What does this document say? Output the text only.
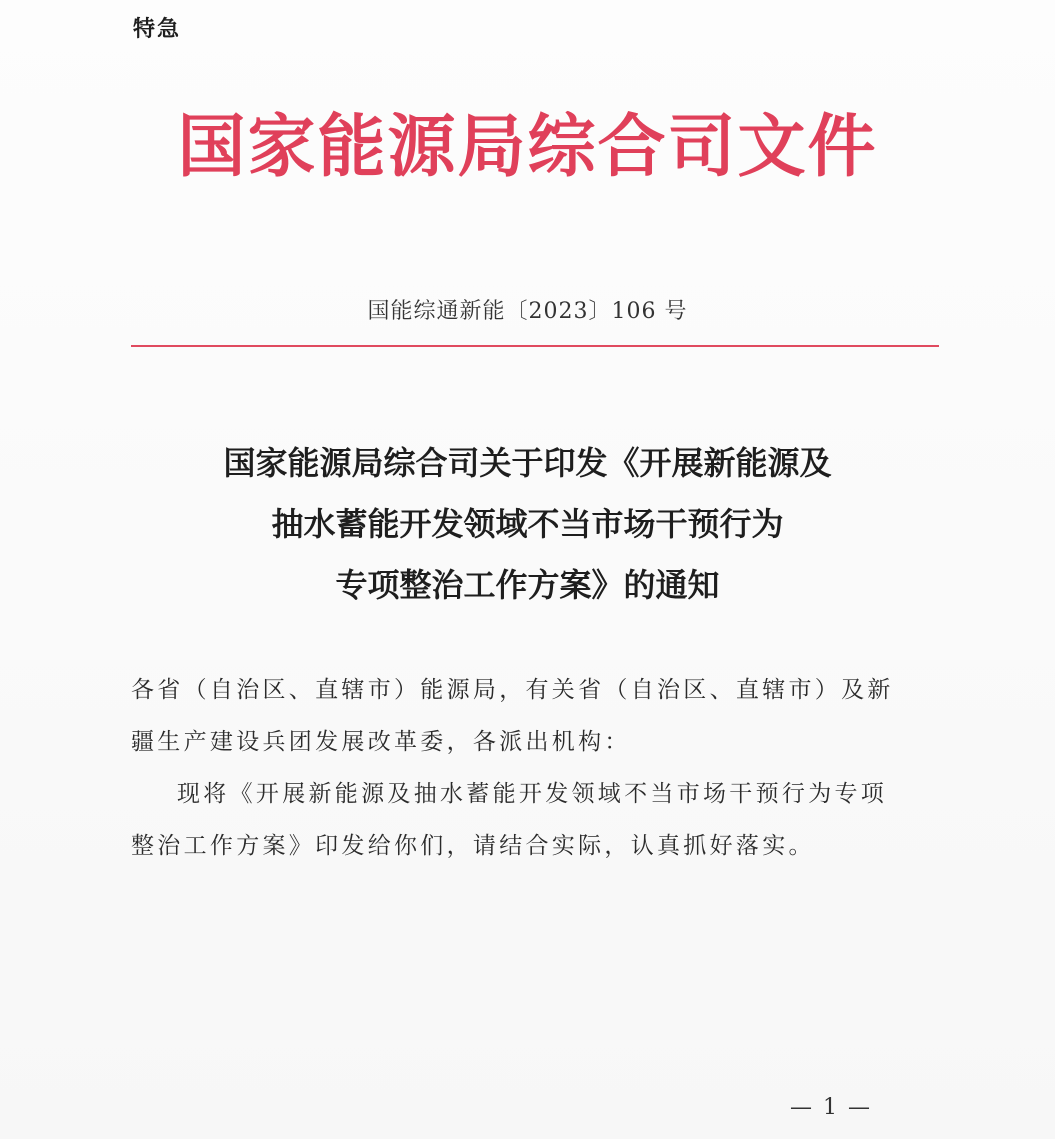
特急
国家能源局综合司文件
国能综通新能〔2023〕106 号
国家能源局综合司关于印发《开展新能源及
抽水蓄能开发领域不当市场干预行为
专项整治工作方案》的通知
各省（自治区、直辖市）能源局，有关省（自治区、直辖市）及新
疆生产建设兵团发展改革委，各派出机构：
现将《开展新能源及抽水蓄能开发领域不当市场干预行为专项
整治工作方案》印发给你们，请结合实际，认真抓好落实。
— 1 —
